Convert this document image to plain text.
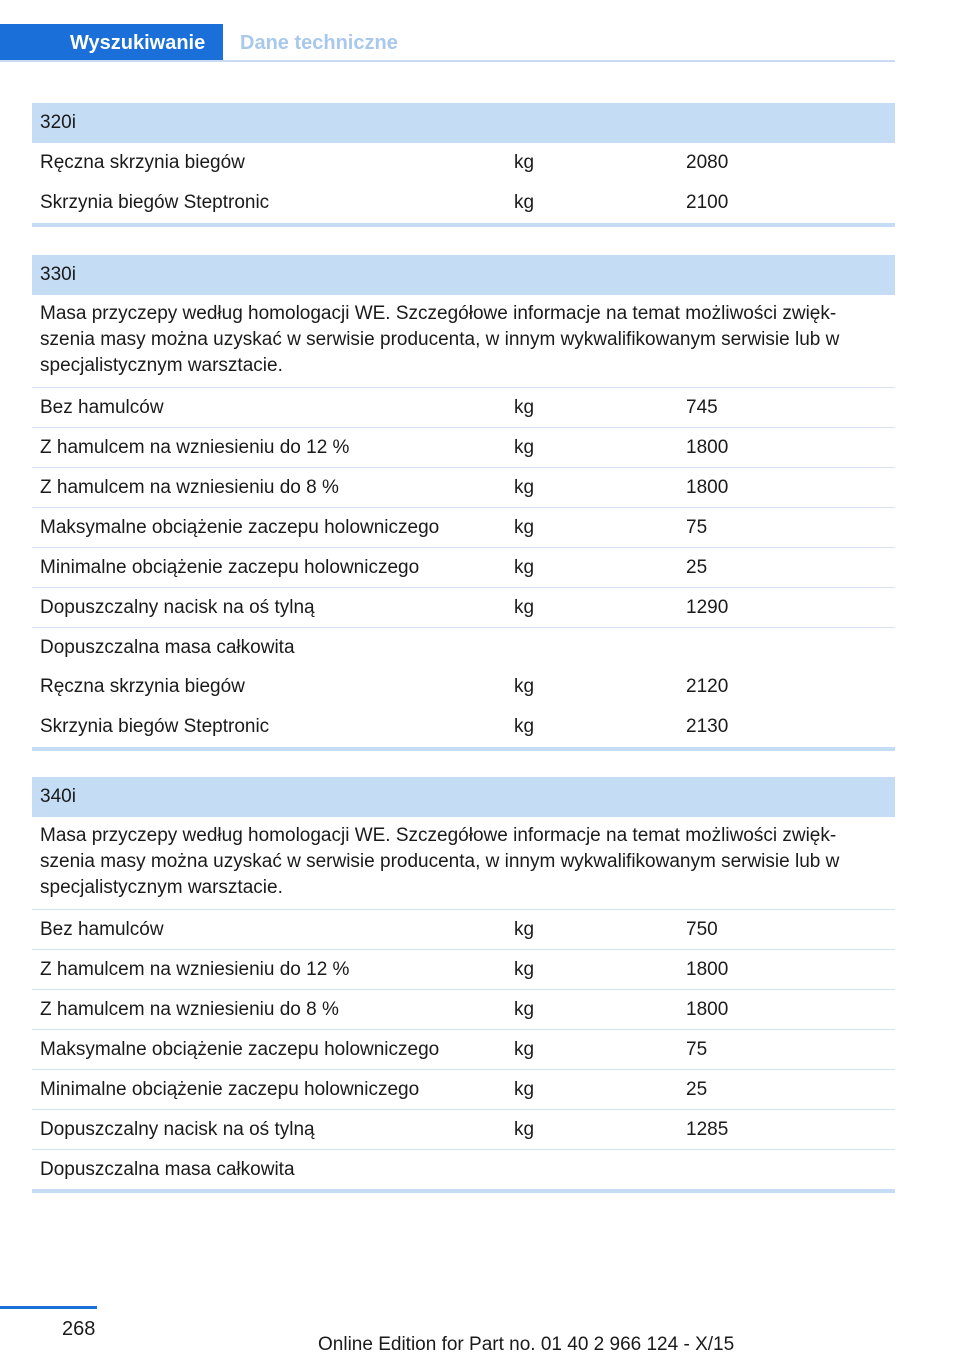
Wyszukiwanie	Dane techniczne
320i
Ręczna skrzynia biegów	kg	2080
Skrzynia biegów Steptronic	kg	2100
330i
Masa przyczepy według homologacji WE. Szczegółowe informacje na temat możliwości zwięk-szenia masy można uzyskać w serwisie producenta, w innym wykwalifikowanym serwisie lub w specjalistycznym warsztacie.
Bez hamulców	kg	745
Z hamulcem na wzniesieniu do 12 %	kg	1800
Z hamulcem na wzniesieniu do 8 %	kg	1800
Maksymalne obciążenie zaczepu holowniczego	kg	75
Minimalne obciążenie zaczepu holowniczego	kg	25
Dopuszczalny nacisk na oś tylną	kg	1290
Dopuszczalna masa całkowita
Ręczna skrzynia biegów	kg	2120
Skrzynia biegów Steptronic	kg	2130
340i
Masa przyczepy według homologacji WE. Szczegółowe informacje na temat możliwości zwięk-szenia masy można uzyskać w serwisie producenta, w innym wykwalifikowanym serwisie lub w specjalistycznym warsztacie.
Bez hamulców	kg	750
Z hamulcem na wzniesieniu do 12 %	kg	1800
Z hamulcem na wzniesieniu do 8 %	kg	1800
Maksymalne obciążenie zaczepu holowniczego	kg	75
Minimalne obciążenie zaczepu holowniczego	kg	25
Dopuszczalny nacisk na oś tylną	kg	1285
Dopuszczalna masa całkowita
268
Online Edition for Part no. 01 40 2 966 124 - X/15
